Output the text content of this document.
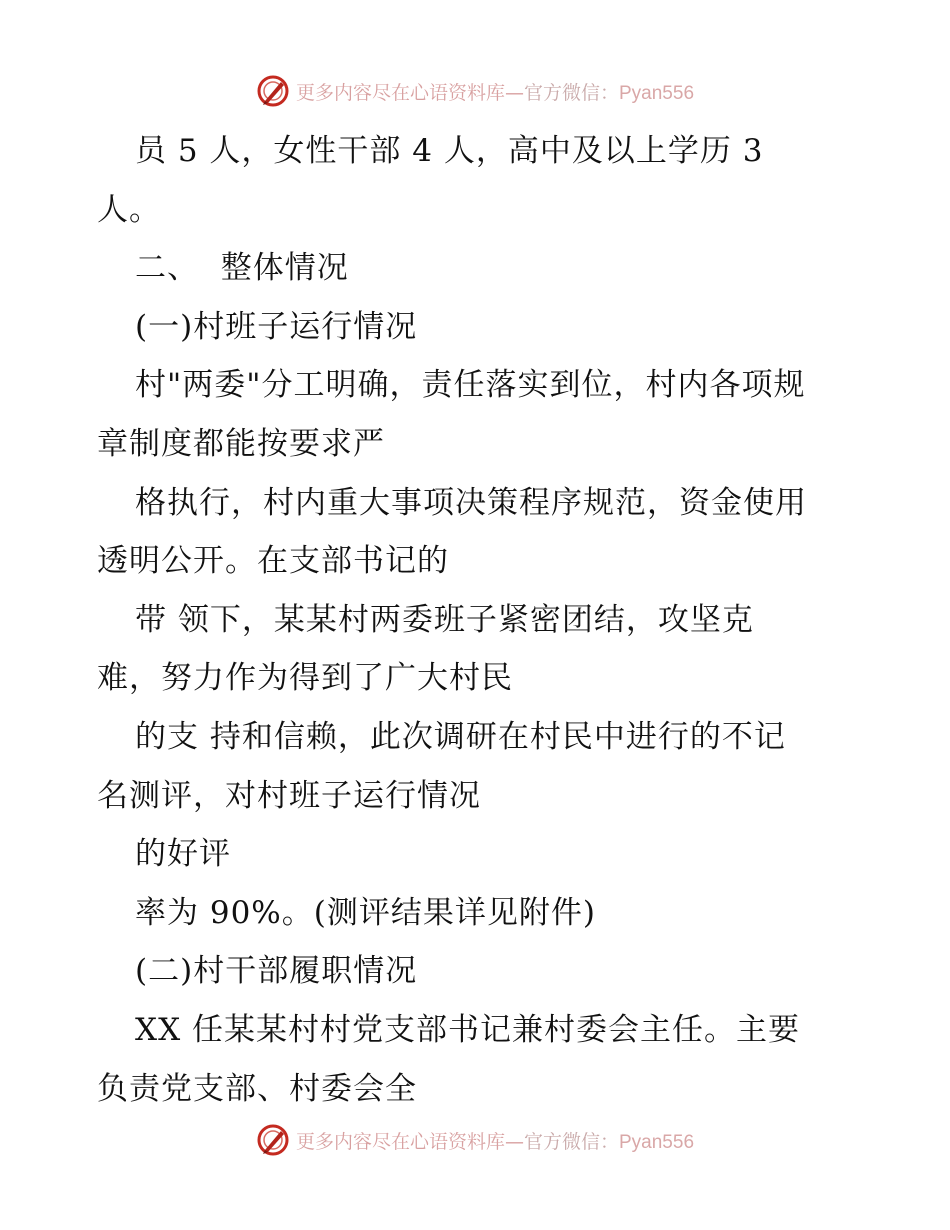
更多内容尽在心语资料库—官方微信：Pyan556
员 5 人，女性干部 4 人，高中及以上学历 3
人。
二、  整体情况
(一)村班子运行情况
村"两委"分工明确，责任落实到位，村内各项规
章制度都能按要求严
格执行，村内重大事项决策程序规范，资金使用
透明公开。在支部书记的
带 领下，某某村两委班子紧密团结，攻坚克
难，努力作为得到了广大村民
的支 持和信赖，此次调研在村民中进行的不记
名测评，对村班子运行情况
的好评
率为 90%。(测评结果详见附件)
(二)村干部履职情况
XX 任某某村村党支部书记兼村委会主任。主要
负责党支部、村委会全
更多内容尽在心语资料库—官方微信：Pyan556
